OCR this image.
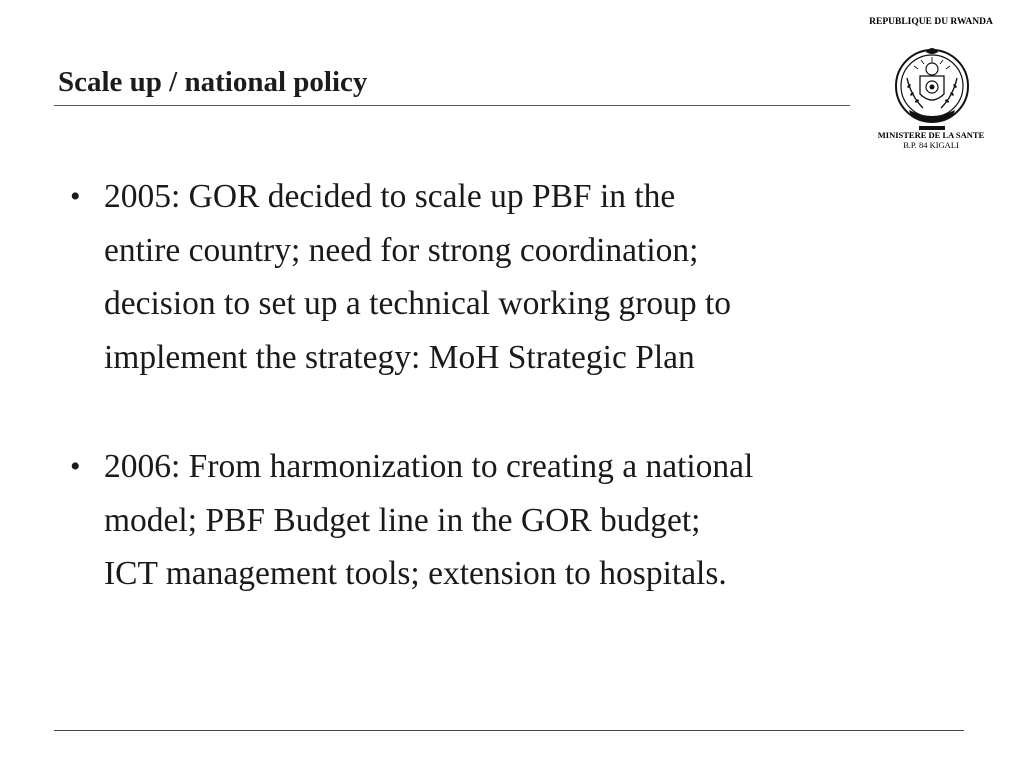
Scale up / national policy
REPUBLIQUE DU RWANDA
MINISTERE DE LA SANTE
B.P. 84 KIGALI
• 2005: GOR decided to scale up PBF in the
entire country; need for strong coordination;
decision to set up a technical working group to
implement the strategy: MoH Strategic Plan
• 2006: From harmonization to creating a national
model; PBF Budget line in the GOR budget;
ICT management tools; extension to hospitals.
